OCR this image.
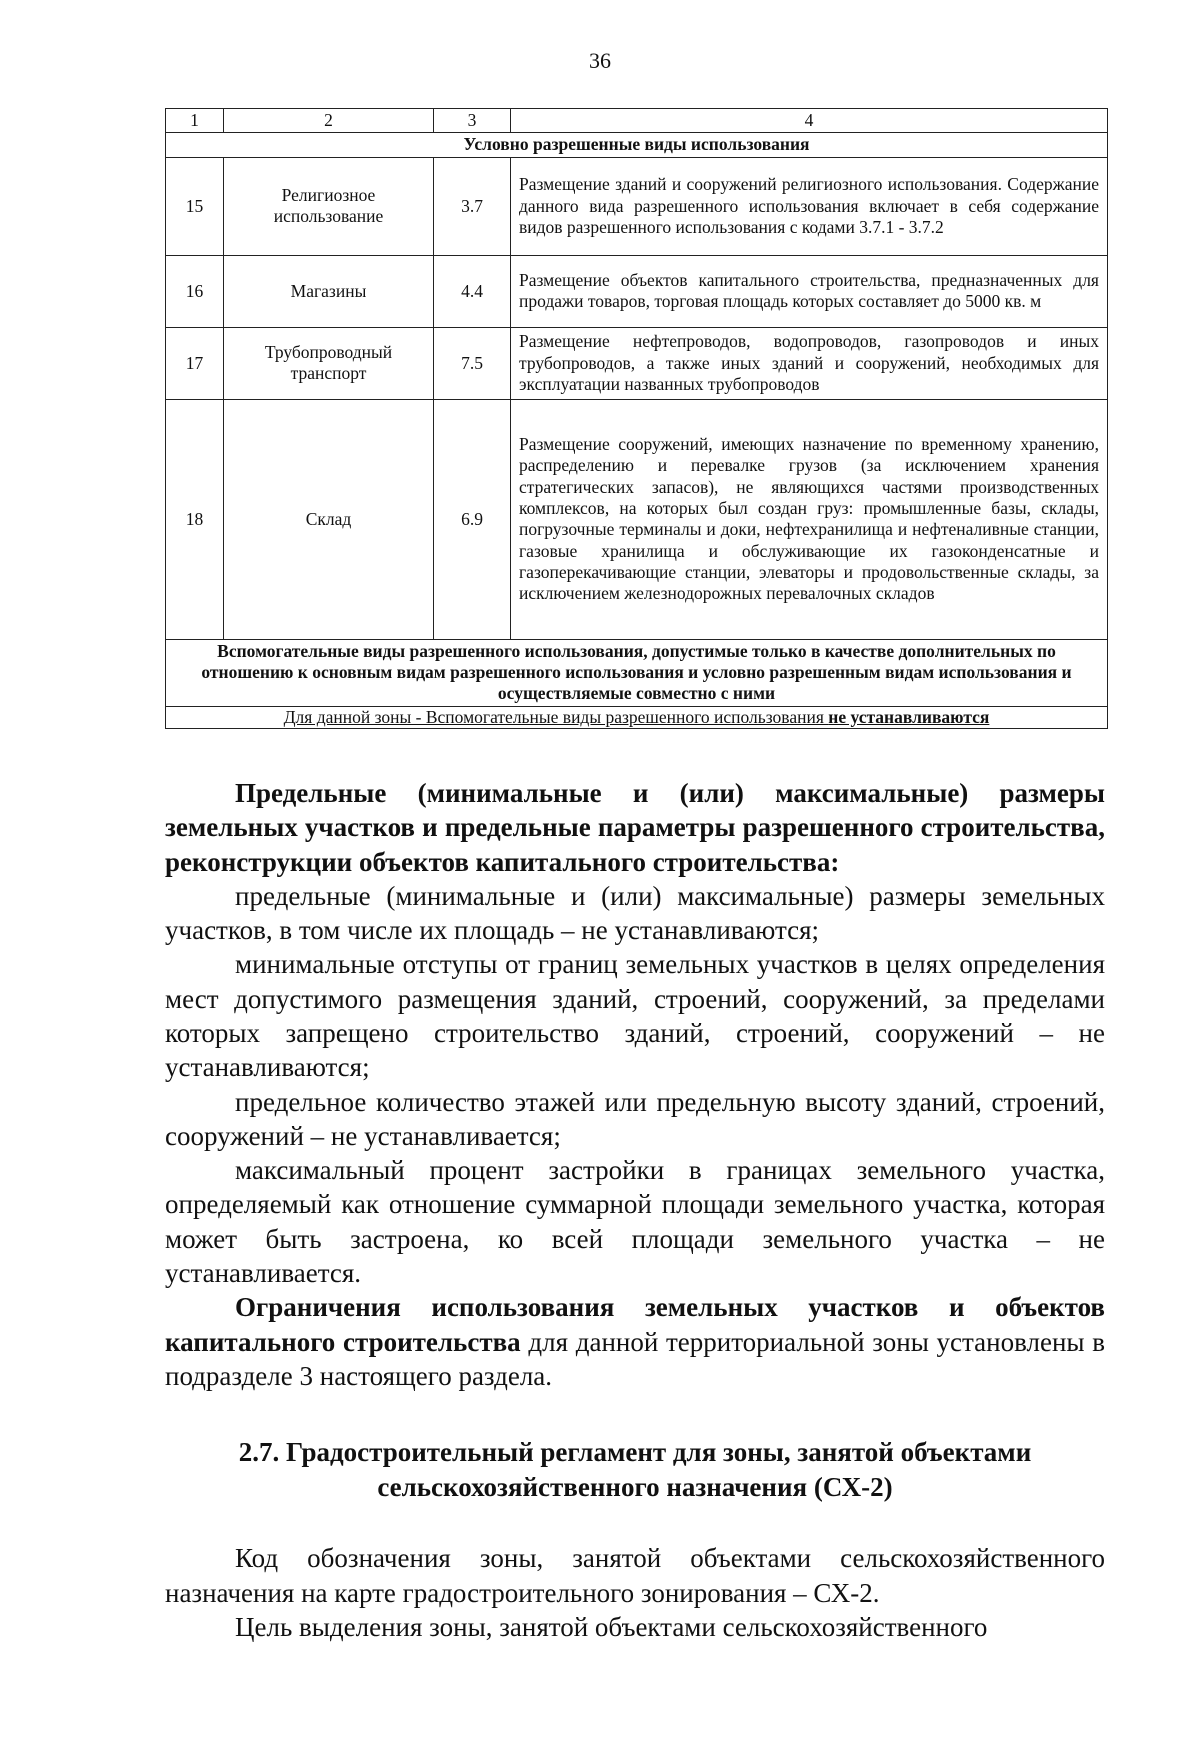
36
1	2	3	4
Условно разрешенные виды использования			
15	Религиозное использование	3.7	Размещение зданий и сооружений религиозного использования. Содержание данного вида разрешенного использования включает в себя содержание видов разрешенного использования с кодами 3.7.1 - 3.7.2
16	Магазины	4.4	Размещение объектов капитального строительства, предназначенных для продажи товаров, торговая площадь которых составляет до 5000 кв. м
17	Трубопроводный транспорт	7.5	Размещение нефтепроводов, водопроводов, газопроводов и иных трубопроводов, а также иных зданий и сооружений, необходимых для эксплуатации названных трубопроводов
18	Склад	6.9	Размещение сооружений, имеющих назначение по временному хранению, распределению и перевалке грузов (за исключением хранения стратегических запасов), не являющихся частями производственных комплексов, на которых был создан груз: промышленные базы, склады, погрузочные терминалы и доки, нефтехранилища и нефтеналивные станции, газовые хранилища и обслуживающие их газоконденсатные и газоперекачивающие станции, элеваторы и продовольственные склады, за исключением железнодорожных перевалочных складов
Вспомогательные виды разрешенного использования, допустимые только в качестве дополнительных по отношению к основным видам разрешенного использования и условно разрешенным видам использования и осуществляемые совместно с ними			
Для данной зоны - Вспомогательные виды разрешенного использования не устанавливаются			

Предельные (минимальные и (или) максимальные) размеры земельных участков и предельные параметры разрешенного строительства, реконструкции объектов капитального строительства:

предельные (минимальные и (или) максимальные) размеры земельных участков, в том числе их площадь – не устанавливаются;

минимальные отступы от границ земельных участков в целях определения мест допустимого размещения зданий, строений, сооружений, за пределами которых запрещено строительство зданий, строений, сооружений – не устанавливаются;

предельное количество этажей или предельную высоту зданий, строений, сооружений – не устанавливается;

максимальный процент застройки в границах земельного участка, определяемый как отношение суммарной площади земельного участка, которая может быть застроена, ко всей площади земельного участка – не устанавливается.

Ограничения использования земельных участков и объектов капитального строительства для данной территориальной зоны установлены в подразделе 3 настоящего раздела.

2.7. Градостроительный регламент для зоны, занятой объектами сельскохозяйственного назначения (СХ-2)

Код обозначения зоны, занятой объектами сельскохозяйственного назначения на карте градостроительного зонирования – СХ-2.

Цель выделения зоны, занятой объектами сельскохозяйственного
